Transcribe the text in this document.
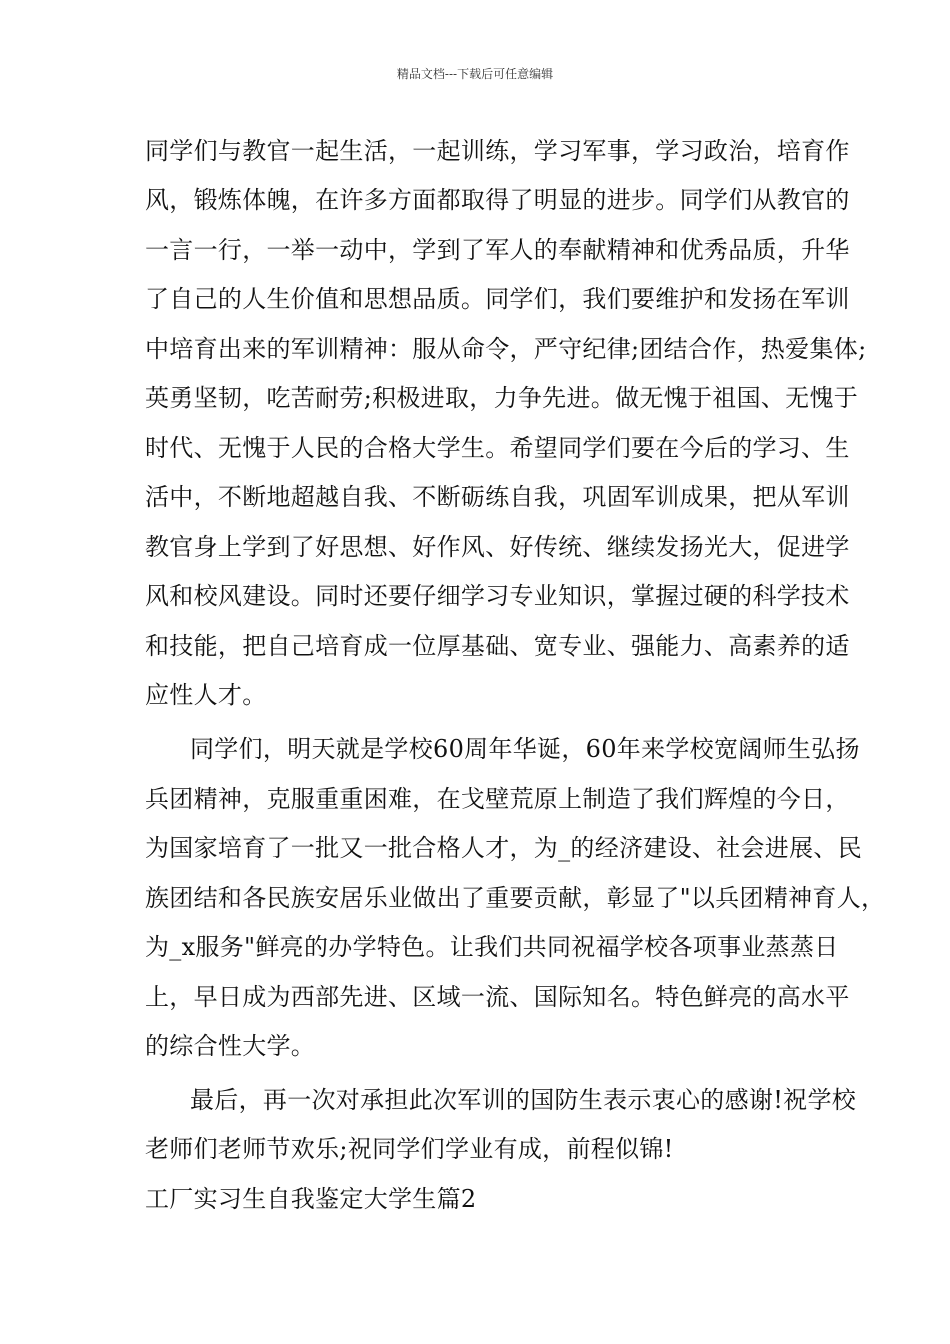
精品文档---下载后可任意编辑
同学们与教官一起生活，一起训练，学习军事，学习政治，培育作
风，锻炼体魄，在许多方面都取得了明显的进步。同学们从教官的
一言一行，一举一动中，学到了军人的奉献精神和优秀品质，升华
了自己的人生价值和思想品质。同学们，我们要维护和发扬在军训
中培育出来的军训精神：服从命令，严守纪律;团结合作，热爱集体;
英勇坚韧，吃苦耐劳;积极进取，力争先进。做无愧于祖国、无愧于
时代、无愧于人民的合格大学生。希望同学们要在今后的学习、生
活中，不断地超越自我、不断砺练自我，巩固军训成果，把从军训
教官身上学到了好思想、好作风、好传统、继续发扬光大，促进学
风和校风建设。同时还要仔细学习专业知识，掌握过硬的科学技术
和技能，把自己培育成一位厚基础、宽专业、强能力、高素养的适
应性人才。
同学们，明天就是学校60周年华诞，60年来学校宽阔师生弘扬
兵团精神，克服重重困难，在戈壁荒原上制造了我们辉煌的今日，
为国家培育了一批又一批合格人才，为_的经济建设、社会进展、民
族团结和各民族安居乐业做出了重要贡献，彰显了"以兵团精神育人，
为_x服务"鲜亮的办学特色。让我们共同祝福学校各项事业蒸蒸日
上，早日成为西部先进、区域一流、国际知名。特色鲜亮的高水平
的综合性大学。
最后，再一次对承担此次军训的国防生表示衷心的感谢!祝学校
老师们老师节欢乐;祝同学们学业有成，前程似锦!
工厂实习生自我鉴定大学生篇2
